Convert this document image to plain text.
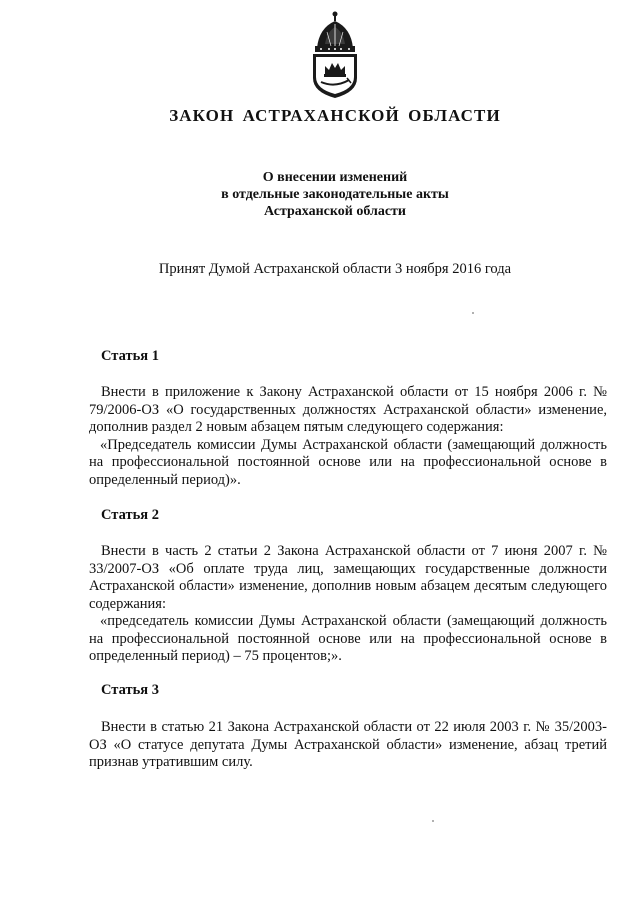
ЗАКОН АСТРАХАНСКОЙ ОБЛАСТИ
О внесении изменений
в отдельные законодательные акты
Астраханской области

Принят Думой Астраханской области 3 ноября 2016 года

Статья 1

Внести в приложение к Закону Астраханской области от 15 ноября 2006 г. № 79/2006-ОЗ «О государственных должностях Астраханской области» изменение, дополнив раздел 2 новым абзацем пятым следующего содержания:

«Председатель комиссии Думы Астраханской области (замещающий должность на профессиональной постоянной основе или на профессиональной основе в определенный период)».

Статья 2

Внести в часть 2 статьи 2 Закона Астраханской области от 7 июня 2007 г. № 33/2007-ОЗ «Об оплате труда лиц, замещающих государственные должности Астраханской области» изменение, дополнив новым абзацем десятым следующего содержания:

«председатель комиссии Думы Астраханской области (замещающий должность на профессиональной постоянной основе или на профессиональной основе в определенный период) – 75 процентов;».

Статья 3

Внести в статью 21 Закона Астраханской области от 22 июля 2003 г. № 35/2003-ОЗ «О статусе депутата Думы Астраханской области» изменение, абзац третий признав утратившим силу.
